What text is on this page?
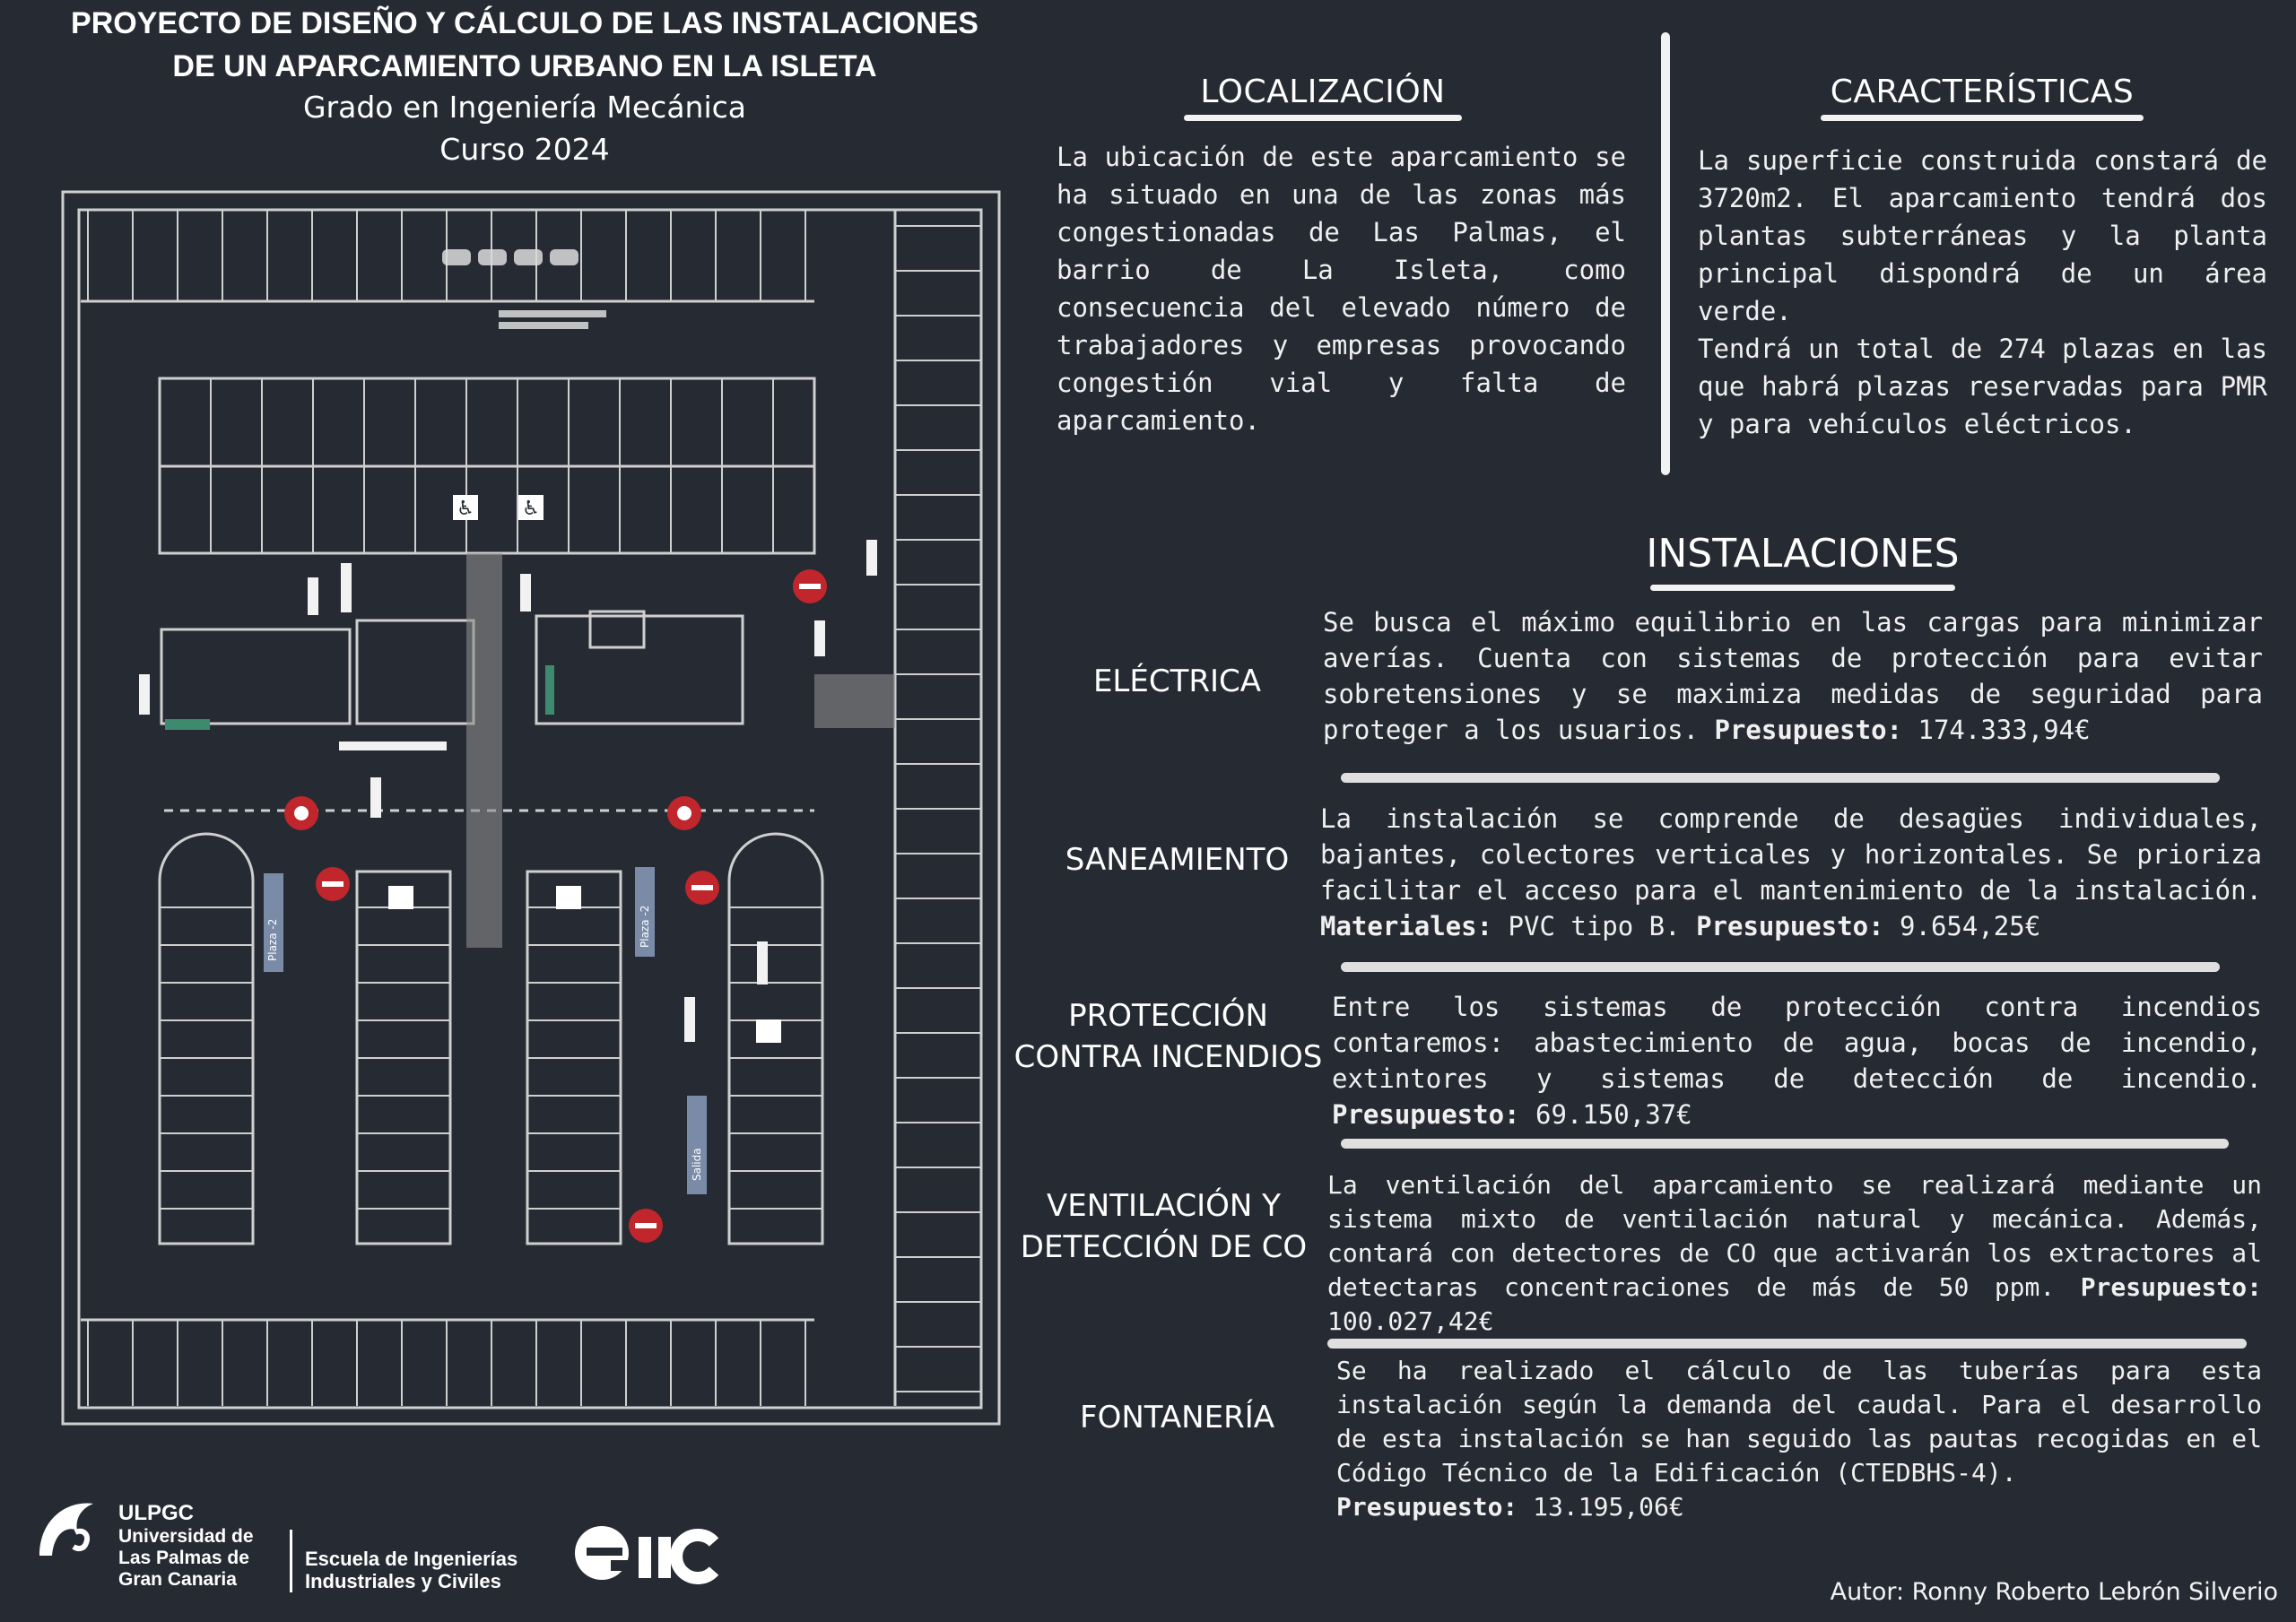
PROYECTO DE DISEÑO Y CÁLCULO DE LAS INSTALACIONES
DE UN APARCAMIENTO URBANO EN LA ISLETA
Grado en Ingeniería Mecánica
Curso 2024
Plaza -2	Plaza -2
Salida
♿ ♿
LOCALIZACIÓN
La ubicación de este aparcamiento se ha situado en una de las zonas más congestionadas de Las Palmas, el barrio de La Isleta, como consecuencia del elevado número de trabajadores y empresas provocando congestión vial y falta de aparcamiento.
CARACTERÍSTICAS
La superficie construida constará de 3720m2. El aparcamiento tendrá dos plantas subterráneas y la planta principal dispondrá de un área verde.
Tendrá un total de 274 plazas en las que habrá plazas reservadas para PMR y para vehículos eléctricos.
INSTALACIONES
ELÉCTRICA
Se busca el máximo equilibrio en las cargas para minimizar averías. Cuenta con sistemas de protección para evitar sobretensiones y se maximiza medidas de seguridad para proteger a los usuarios. Presupuesto: 174.333,94€
SANEAMIENTO
La instalación se comprende de desagües individuales, bajantes, colectores verticales y horizontales. Se prioriza facilitar el acceso para el mantenimiento de la instalación. Materiales: PVC tipo B. Presupuesto: 9.654,25€
PROTECCIÓN
CONTRA INCENDIOS
Entre los sistemas de protección contra incendios contaremos: abastecimiento de agua, bocas de incendio, extintores y sistemas de detección de incendio. Presupuesto: 69.150,37€
VENTILACIÓN Y
DETECCIÓN DE CO
La ventilación del aparcamiento se realizará mediante un sistema mixto de ventilación natural y mecánica. Además, contará con detectores de CO que activarán los extractores al detectaras concentraciones de más de 50 ppm. Presupuesto: 100.027,42€
FONTANERÍA
Se ha realizado el cálculo de las tuberías para esta instalación según la demanda del caudal. Para el desarrollo de esta instalación se han seguido las pautas recogidas en el Código Técnico de la Edificación (CTEDBHS-4).
Presupuesto: 13.195,06€
ULPGC
Universidad de
Las Palmas de
Gran Canaria
Escuela de Ingenierías
Industriales y Civiles	Autor: Ronny Roberto Lebrón Silverio
